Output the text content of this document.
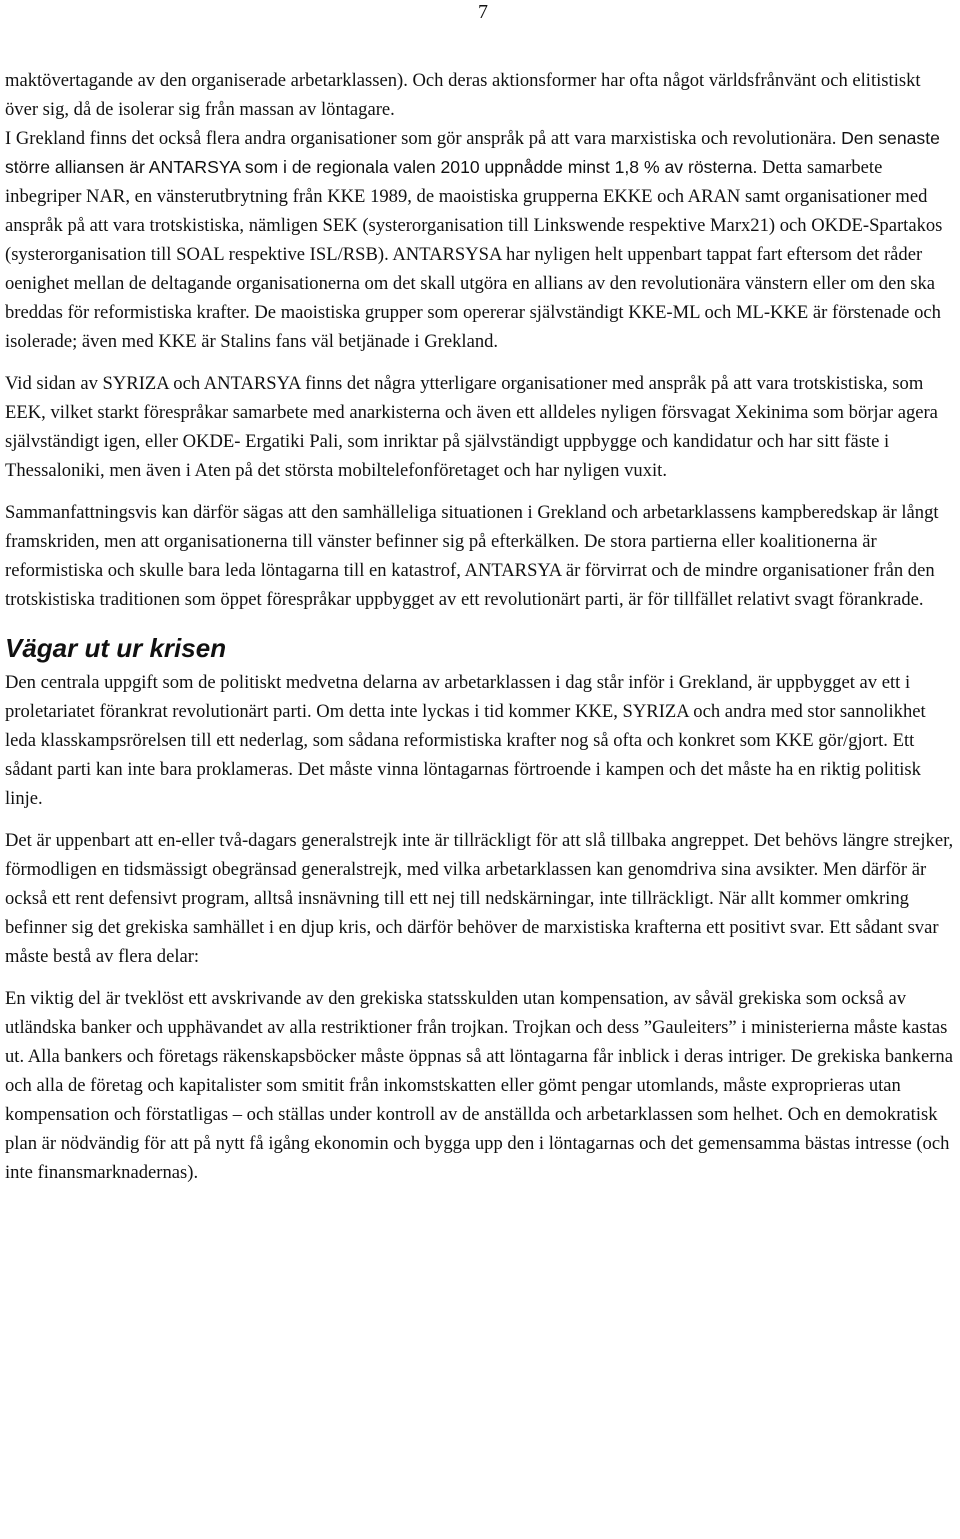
7

maktövertagande av den organiserade arbetarklassen). Och deras aktionsformer har ofta något världsfrånvänt och elitistiskt över sig, då de isolerar sig från massan av löntagare.

I Grekland finns det också flera andra organisationer som gör anspråk på att vara marxistiska och revolutionära. Den senaste större alliansen är ANTARSYA som i de regionala valen 2010 uppnådde minst 1,8 % av rösterna. Detta samarbete inbegriper NAR, en vänsterutbrytning från KKE 1989, de maoistiska grupperna EKKE och ARAN samt organisationer med anspråk på att vara trotskistiska, nämligen SEK (systerorganisation till Linkswende respektive Marx21) och OKDE-Spartakos (systerorganisation till SOAL respektive ISL/RSB). ANTARSYSA har nyligen helt uppenbart tappat fart eftersom det råder oenighet mellan de deltagande organisationerna om det skall utgöra en allians av den revolutionära vänstern eller om den ska breddas för reformistiska krafter. De maoistiska grupper som opererar självständigt KKE-ML och ML-KKE är förstenade och isolerade; även med KKE är Stalins fans väl betjänade i Grekland.

Vid sidan av SYRIZA och ANTARSYA finns det några ytterligare organisationer med anspråk på att vara trotskistiska, som EEK, vilket starkt förespråkar samarbete med anarkisterna och även ett alldeles nyligen försvagat Xekinima som börjar agera självständigt igen, eller OKDE- Ergatiki Pali, som inriktar på självständigt uppbygge och kandidatur och har sitt fäste i Thessaloniki, men även i Aten på det största mobiltelefonföretaget och har nyligen vuxit.

Sammanfattningsvis kan därför sägas att den samhälleliga situationen i Grekland och arbetarklassens kampberedskap är långt framskriden, men att organisationerna till vänster befinner sig på efterkälken. De stora partierna eller koalitionerna är reformistiska och skulle bara leda löntagarna till en katastrof, ANTARSYA är förvirrat och de mindre organisationer från den trotskistiska traditionen som öppet förespråkar uppbygget av ett revolutionärt parti, är för tillfället relativt svagt förankrade.

Vägar ut ur krisen

Den centrala uppgift som de politiskt medvetna delarna av arbetarklassen i dag står inför i Grekland, är uppbygget av ett i proletariatet förankrat revolutionärt parti. Om detta inte lyckas i tid kommer KKE, SYRIZA och andra med stor sannolikhet leda klasskampsrörelsen till ett nederlag, som sådana reformistiska krafter nog så ofta och konkret som KKE gör/gjort. Ett sådant parti kan inte bara proklameras. Det måste vinna löntagarnas förtroende i kampen och det måste ha en riktig politisk linje.

Det är uppenbart att en-eller två-dagars generalstrejk inte är tillräckligt för att slå tillbaka angreppet. Det behövs längre strejker, förmodligen en tidsmässigt obegränsad generalstrejk, med vilka arbetarklassen kan genomdriva sina avsikter. Men därför är också ett rent defensivt program, alltså insnävning till ett nej till nedskärningar, inte tillräckligt. När allt kommer omkring befinner sig det grekiska samhället i en djup kris, och därför behöver de marxistiska krafterna ett positivt svar. Ett sådant svar måste bestå av flera delar:

En viktig del är tveklöst ett avskrivande av den grekiska statsskulden utan kompensation, av såväl grekiska som också av utländska banker och upphävandet av alla restriktioner från trojkan. Trojkan och dess ”Gauleiters” i ministerierna måste kastas ut. Alla bankers och företags räkenskapsböcker måste öppnas så att löntagarna får inblick i deras intriger. De grekiska bankerna och alla de företag och kapitalister som smitit från inkomstskatten eller gömt pengar utomlands, måste exproprieras utan kompensation och förstatligas – och ställas under kontroll av de anställda och arbetarklassen som helhet. Och en demokratisk plan är nödvändig för att på nytt få igång ekonomin och bygga upp den i löntagarnas och det gemensamma bästas intresse (och inte finansmarknadernas).
